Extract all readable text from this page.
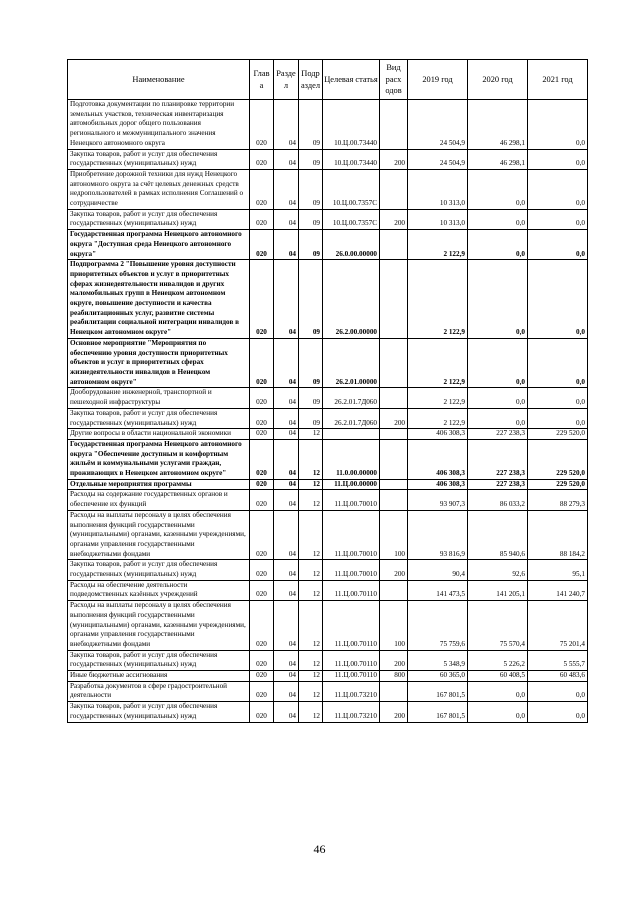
Наименование	Глав а	Разде л	Подр аздел	Целевая статья	Вид расх одов	2019 год	2020 год	2021 год
Подготовка документации по планировке территории земельных участков, техническая инвентаризация автомобильных дорог общего пользования регионального и межмуниципального значения Ненецкого автономного округа	020	04	09	10.Ц.00.73440		24 504,9	46 298,1	0,0
Закупка товаров, работ и услуг для обеспечения государственных (муниципальных) нужд	020	04	09	10.Ц.00.73440	200	24 504,9	46 298,1	0,0
Приобретение дорожной техники для нужд Ненецкого автономного округа за счёт целевых денежных средств недропользователей в рамках исполнения Соглашений о сотрудничестве	020	04	09	10.Ц.00.7357С		10 313,0	0,0	0,0
Закупка товаров, работ и услуг для обеспечения государственных (муниципальных) нужд	020	04	09	10.Ц.00.7357С	200	10 313,0	0,0	0,0
Государственная программа Ненецкого автономного округа "Доступная среда Ненецкого автономного округа"	020	04	09	26.0.00.00000		2 122,9	0,0	0,0
Подпрограмма 2 "Повышение уровня доступности приоритетных объектов и услуг в приоритетных сферах жизнедеятельности инвалидов и других маломобильных групп в Ненецком автономном округе, повышение доступности и качества реабилитационных услуг, развитие системы реабилитации социальной интеграции инвалидов в Ненецком автономном округе"	020	04	09	26.2.00.00000		2 122,9	0,0	0,0
Основное мероприятие "Мероприятия по обеспечению уровня доступности приоритетных объектов и услуг в приоритетных сферах жизнедеятельности инвалидов в Ненецком автономном округе"	020	04	09	26.2.01.00000		2 122,9	0,0	0,0
Дооборудование инженерной, транспортной и пешеходной инфраструктуры	020	04	09	26.2.01.7Д060		2 122,9	0,0	0,0
Закупка товаров, работ и услуг для обеспечения государственных (муниципальных) нужд	020	04	09	26.2.01.7Д060	200	2 122,9	0,0	0,0
Другие вопросы в области национальной экономики	020	04	12			406 308,3	227 238,3	229 520,0
Государственная программа Ненецкого автономного округа "Обеспечение доступным и комфортным жильём и коммунальными услугами граждан, проживающих в Ненецком автономном округе"	020	04	12	11.0.00.00000		406 308,3	227 238,3	229 520,0
Отдельные мероприятия программы	020	04	12	11.Ц.00.00000		406 308,3	227 238,3	229 520,0
Расходы на содержание государственных органов и обеспечение их функций	020	04	12	11.Ц.00.70010		93 907,3	86 033,2	88 279,3
Расходы на выплаты персоналу в целях обеспечения выполнения функций государственными (муниципальными) органами, казенными учреждениями, органами управления государственными внебюджетными фондами	020	04	12	11.Ц.00.70010	100	93 816,9	85 940,6	88 184,2
Закупка товаров, работ и услуг для обеспечения государственных (муниципальных) нужд	020	04	12	11.Ц.00.70010	200	90,4	92,6	95,1
Расходы на обеспечение деятельности подведомственных казённых учреждений	020	04	12	11.Ц.00.70110		141 473,5	141 205,1	141 240,7
Расходы на выплаты персоналу в целях обеспечения выполнения функций государственными (муниципальными) органами, казенными учреждениями, органами управления государственными внебюджетными фондами	020	04	12	11.Ц.00.70110	100	75 759,6	75 570,4	75 201,4
Закупка товаров, работ и услуг для обеспечения государственных (муниципальных) нужд	020	04	12	11.Ц.00.70110	200	5 348,9	5 226,2	5 555,7
Иные бюджетные ассигнования	020	04	12	11.Ц.00.70110	800	60 365,0	60 408,5	60 483,6
Разработка документов в сфере градостроительной деятельности	020	04	12	11.Ц.00.73210		167 801,5	0,0	0,0
Закупка товаров, работ и услуг для обеспечения государственных (муниципальных) нужд	020	04	12	11.Ц.00.73210	200	167 801,5	0,0	0,0
46
